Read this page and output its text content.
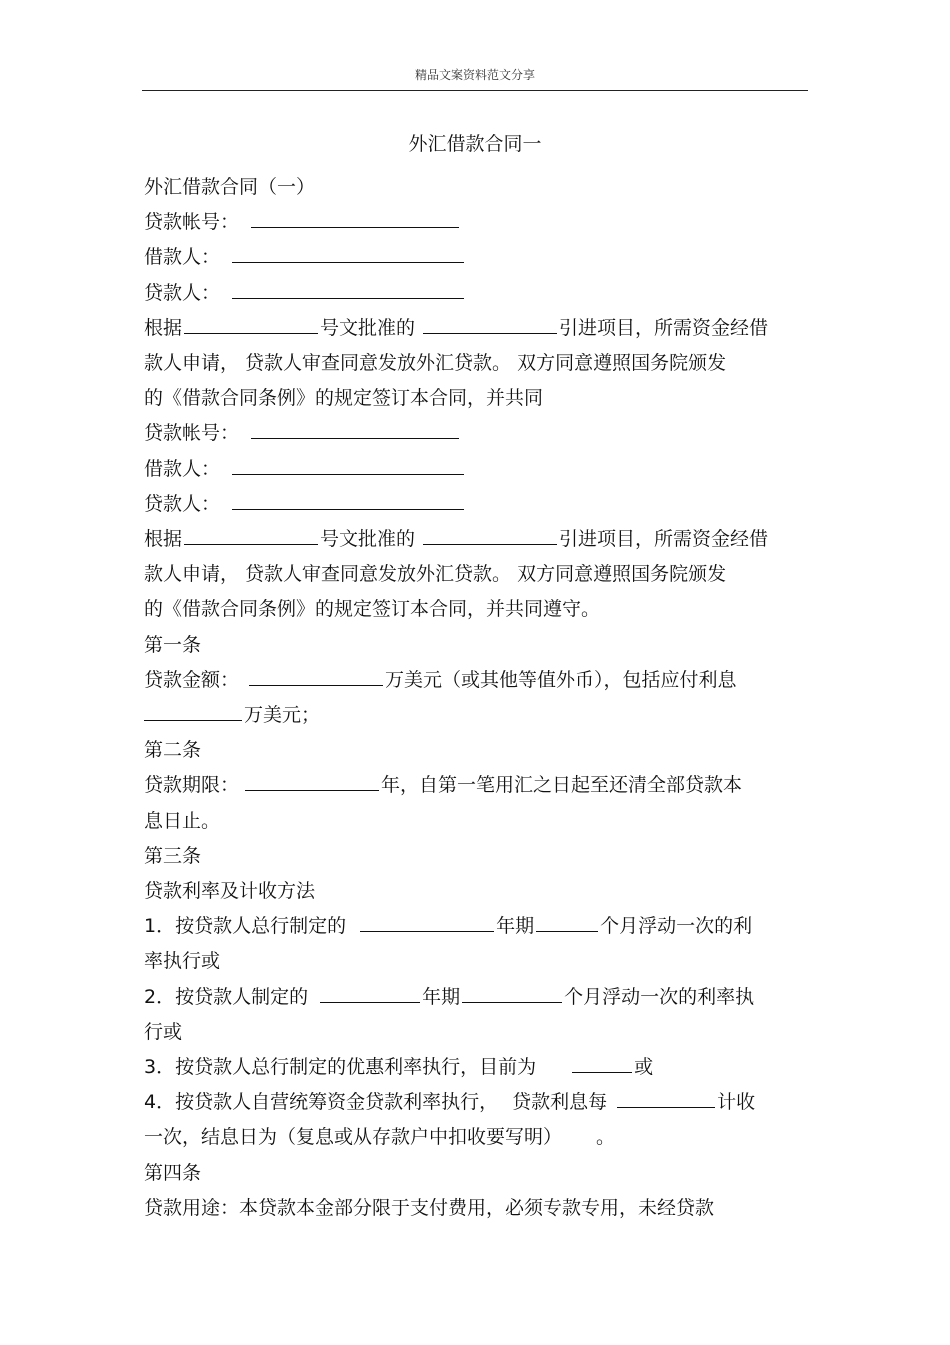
精品文案资料范文分享
外汇借款合同一
外汇借款合同（一）
贷款帐号：
借款人：
贷款人：
根据	号文批准的	引进项目，所需资金经借
款人申请， 贷款人审查同意发放外汇贷款。 双方同意遵照国务院颁发
的《借款合同条例》的规定签订本合同，并共同
贷款帐号：
借款人：
贷款人：
根据	号文批准的	引进项目，所需资金经借
款人申请， 贷款人审查同意发放外汇贷款。 双方同意遵照国务院颁发
的《借款合同条例》的规定签订本合同，并共同遵守。
第一条
贷款金额：	万美元（或其他等值外币），包括应付利息
万美元；
第二条
贷款期限：	年，自第一笔用汇之日起至还清全部贷款本
息日止。
第三条
贷款利率及计收方法
1．按贷款人总行制定的	年期	个月浮动一次的利
率执行或
2．按贷款人制定的	年期	个月浮动一次的利率执
行或
3．按贷款人总行制定的优惠利率执行，目前为	或
4．按贷款人自营统筹资金贷款利率执行， 贷款利息每	计收
一次，结息日为（复息或从存款户中扣收要写明） 。
第四条
贷款用途：本贷款本金部分限于支付费用，必须专款专用，未经贷款
